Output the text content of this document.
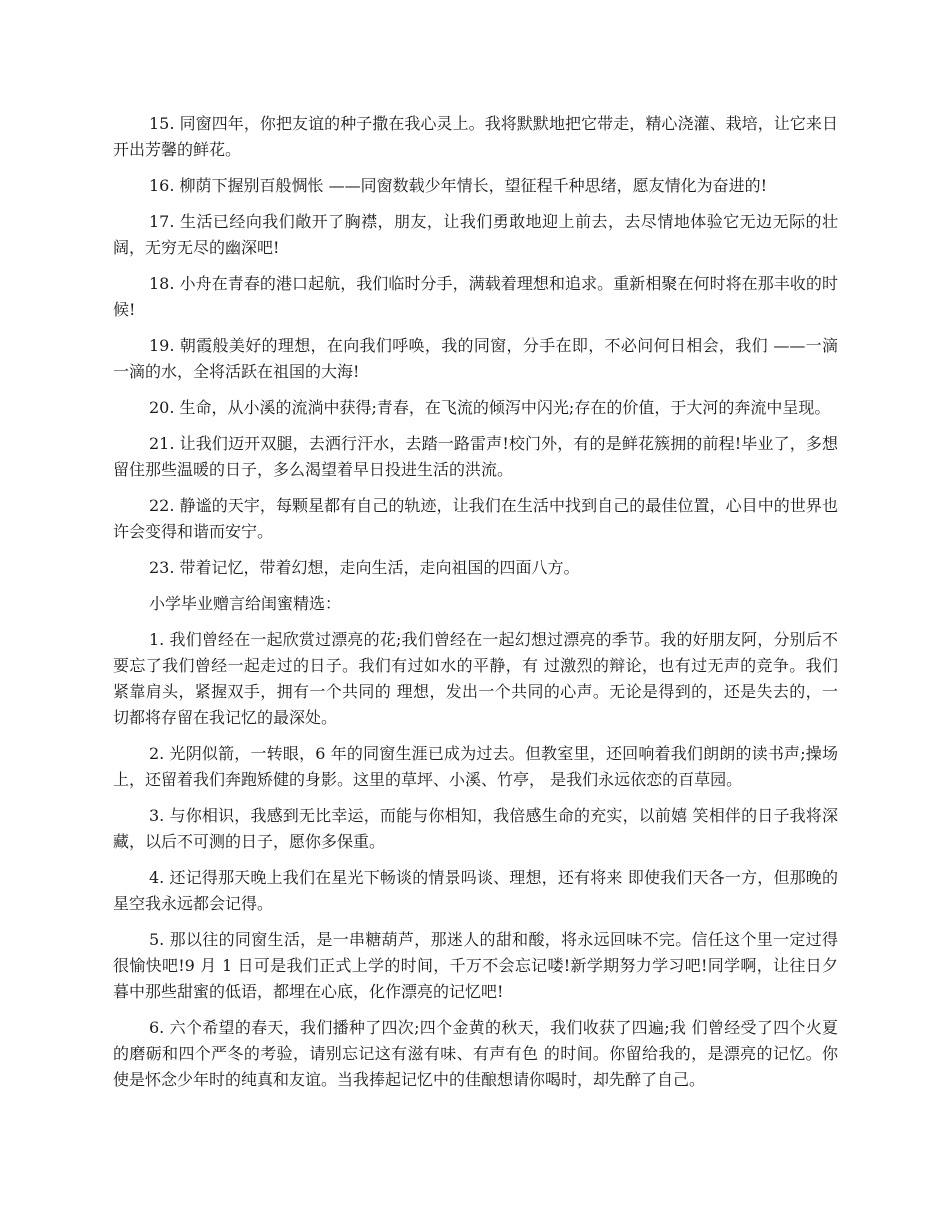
15. 同窗四年，你把友谊的种子撒在我心灵上。我将默默地把它带走，精心浇灌、栽培，让它来日开出芳馨的鲜花。

16. 柳荫下握别百般惆怅 ——同窗数载少年情长，望征程千种思绪，愿友情化为奋进的!

17. 生活已经向我们敞开了胸襟，朋友，让我们勇敢地迎上前去，去尽情地体验它无边无际的壮阔，无穷无尽的幽深吧!

18. 小舟在青春的港口起航，我们临时分手，满载着理想和追求。重新相聚在何时将在那丰收的时候!

19. 朝霞般美好的理想，在向我们呼唤，我的同窗，分手在即，不必问何日相会，我们 ——一滴一滴的水，全将活跃在祖国的大海!

20. 生命，从小溪的流淌中获得;青春，在飞流的倾泻中闪光;存在的价值，于大河的奔流中呈现。

21. 让我们迈开双腿，去洒行汗水，去踏一路雷声!校门外，有的是鲜花簇拥的前程!毕业了，多想留住那些温暖的日子，多么渴望着早日投进生活的洪流。

22. 静谧的天宇，每颗星都有自己的轨迹，让我们在生活中找到自己的最佳位置，心目中的世界也许会变得和谐而安宁。

23. 带着记忆，带着幻想，走向生活，走向祖国的四面八方。

小学毕业赠言给闺蜜精选：

1. 我们曾经在一起欣赏过漂亮的花;我们曾经在一起幻想过漂亮的季节。我的好朋友阿，分别后不要忘了我们曾经一起走过的日子。我们有过如水的平静，有 过激烈的辩论，也有过无声的竞争。我们紧靠肩头，紧握双手，拥有一个共同的 理想，发出一个共同的心声。无论是得到的，还是失去的，一切都将存留在我记忆的最深处。

2. 光阴似箭，一转眼，6 年的同窗生涯已成为过去。但教室里，还回响着我们朗朗的读书声;操场上，还留着我们奔跑矫健的身影。这里的草坪、小溪、竹亭， 是我们永远依恋的百草园。

3. 与你相识，我感到无比幸运，而能与你相知，我倍感生命的充实，以前嬉 笑相伴的日子我将深藏，以后不可测的日子，愿你多保重。

4. 还记得那天晚上我们在星光下畅谈的情景吗谈、理想，还有将来 即使我们天各一方，但那晚的星空我永远都会记得。

5. 那以往的同窗生活，是一串糖葫芦，那迷人的甜和酸，将永远回味不完。信任这个里一定过得很愉快吧!9 月 1 日可是我们正式上学的时间，千万不会忘记喽!新学期努力学习吧!同学啊，让往日夕暮中那些甜蜜的低语，都埋在心底，化作漂亮的记忆吧!

6. 六个希望的春天，我们播种了四次;四个金黄的秋天，我们收获了四遍;我 们曾经受了四个火夏的磨砺和四个严冬的考验，请别忘记这有滋有味、有声有色 的时间。你留给我的，是漂亮的记忆。你使是怀念少年时的纯真和友谊。当我捧起记忆中的佳酿想请你喝时，却先醉了自己。
